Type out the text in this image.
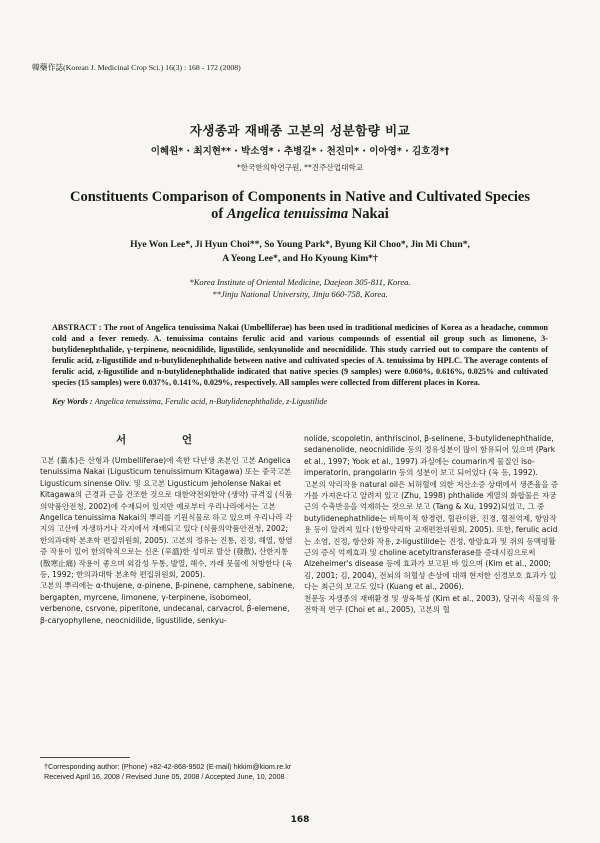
韓藥作誌(Korean J. Medicinal Crop Sci.) 16(3) : 168 - 172 (2008)
자생종과 재배종 고본의 성분함량 비교
이혜원* · 최지현** · 박소영* · 추병길* · 천진미* · 이아영* · 김호경*†
*한국한의학연구원, **진주산업대학교
Constituents Comparison of Components in Native and Cultivated Species
of Angelica tenuissima Nakai
Hye Won Lee*, Ji Hyun Choi**, So Young Park*, Byung Kil Choo*, Jin Mi Chun*,
A Yeong Lee*, and Ho Kyoung Kim*†
*Korea Institute of Oriental Medicine, Daejeon 305-811, Korea.
**Jinju National University, Jinju 660-758, Korea.
ABSTRACT : The root of Angelica tenuissima Nakai (Umbelliferae) has been used in traditional medicines of Korea as a headache, common cold and a fever remedy. A. tenuissima contains ferulic acid and various compounds of essential oil group such as limonene, 3-butylidenephthalide, γ-terpinene, neocnidilide, ligustilide, senkyunolide and neocnidilide. This study carried out to compare the contents of ferulic acid, z-ligustilide and n-butylidenephthalide between native and cultivated species of A. tenuissima by HPLC. The average contents of ferulic acid, z-ligustilide and n-butylidenephthalide indicated that native species (9 samples) were 0.060%, 0.616%, 0.025% and cultivated species (15 samples) were 0.037%, 0.141%, 0.029%, respectively. All samples were collected from different places in Korea.
Key Words : Angelica tenuissima, Ferulic acid, n-Butylidenephthalide, z-Ligustilide
서 언

고본 (藁本)은 산형과 (Umbelliferae)에 속한 다년생 초본인 고본 Angelica tenuissima Nakai (Ligusticum tenuissimum Kitagawa) 또는 중국고본 Ligusticum sinense Oliv. 및 요고본 Ligusticum jeholense Nakai et Kitagawa의 근경과 근을 건조한 것으로 대한약전외한약 (생약) 규격집 (식품의약품안전청, 2002)에 수재되어 있지만 예로부터 우리나라에서는 고본 Angelica tenuissima Nakai의 뿌리를 기원식물로 하고 있으며 우리나라 각지의 고산에 자생하거나 각지에서 재배되고 있다 (식품의약품안전청, 2002; 한의과대학 본초학 편집위원회, 2005). 고본의 정유는 진통, 진정, 해열, 항염증 작용이 있어 한의학적으로는 신온 (辛溫)한 성미로 발산 (發散), 산한지통 (散寒止痛) 작용이 좋으며 외감성 두통, 발열, 해수, 가래 뭇물에 처방한다 (육 등, 1992; 한의과대학 본초학 편집위원회, 2005).

고본의 뿌리에는 α-thujene, α-pinene, β-pinene, camphene, sabinene, bergapten, myrcene, limonene, γ-terpinene, isobomeol, verbenone, csrvone, piperitone, undecanal, carvacrol, β-elemene, β-caryophyllene, neocnidilide, ligustilide, senkyu-

nolide, scopoletin, anthriscinol, β-selinene, 3-butylidenephthalide, sedanenolide, neocnidilide 등의 정유성분이 많이 함유되어 있으며 (Park et al., 1997; Yook et al., 1997) 과실에는 coumarin계 물질인 iso-imperatorin, prangolarin 등의 성분이 보고 되어있다 (육 등, 1992).

고본의 약리작용 natural oil은 뇌허혈에 의한 저산소증 상태에서 생존율을 증가를 가져온다고 알려져 있고 (Zhu, 1998) phthalide 계열의 화합물은 자궁근의 수축반응을 억제하는 것으로 보고 (Tang & Xu, 1992)되었고, 그 중 butylidenephathlide는 비특이적 항경련, 혈관이완, 진경, 혈전억제, 항암작용 등이 알려져 있다 (한방약리학 교재편찬위원회, 2005). 또한, ferulic acid는 소염, 진정, 항산화 작용, z-ligustilide는 진정, 항암효과 및 쥐의 동맥평활근의 증식 억제효과 및 choline acetyltransferase를 증대시킴으로써 Alzeheimer's disease 등에 효과가 보고된 바 있으며 (Kim et al., 2000; 김, 2001; 김, 2004), 전뇌의 허혈성 손상에 대해 현저한 신경보호 효과가 있다는 최근의 보고도 있다 (Kuang et al., 2006).

천문동 자생종의 재배환경 및 생육특성 (Kim et al., 2003), 당귀속 식물의 유전학적 연구 (Choi et al., 2005), 고본의 혈

†Corresponding author: (Phone) +82-42-868-9502 (E-mail) hkkim@kiom.re.kr
Received April 16, 2008 / Revised June 05, 2008 / Accepted June, 10, 2008
168
